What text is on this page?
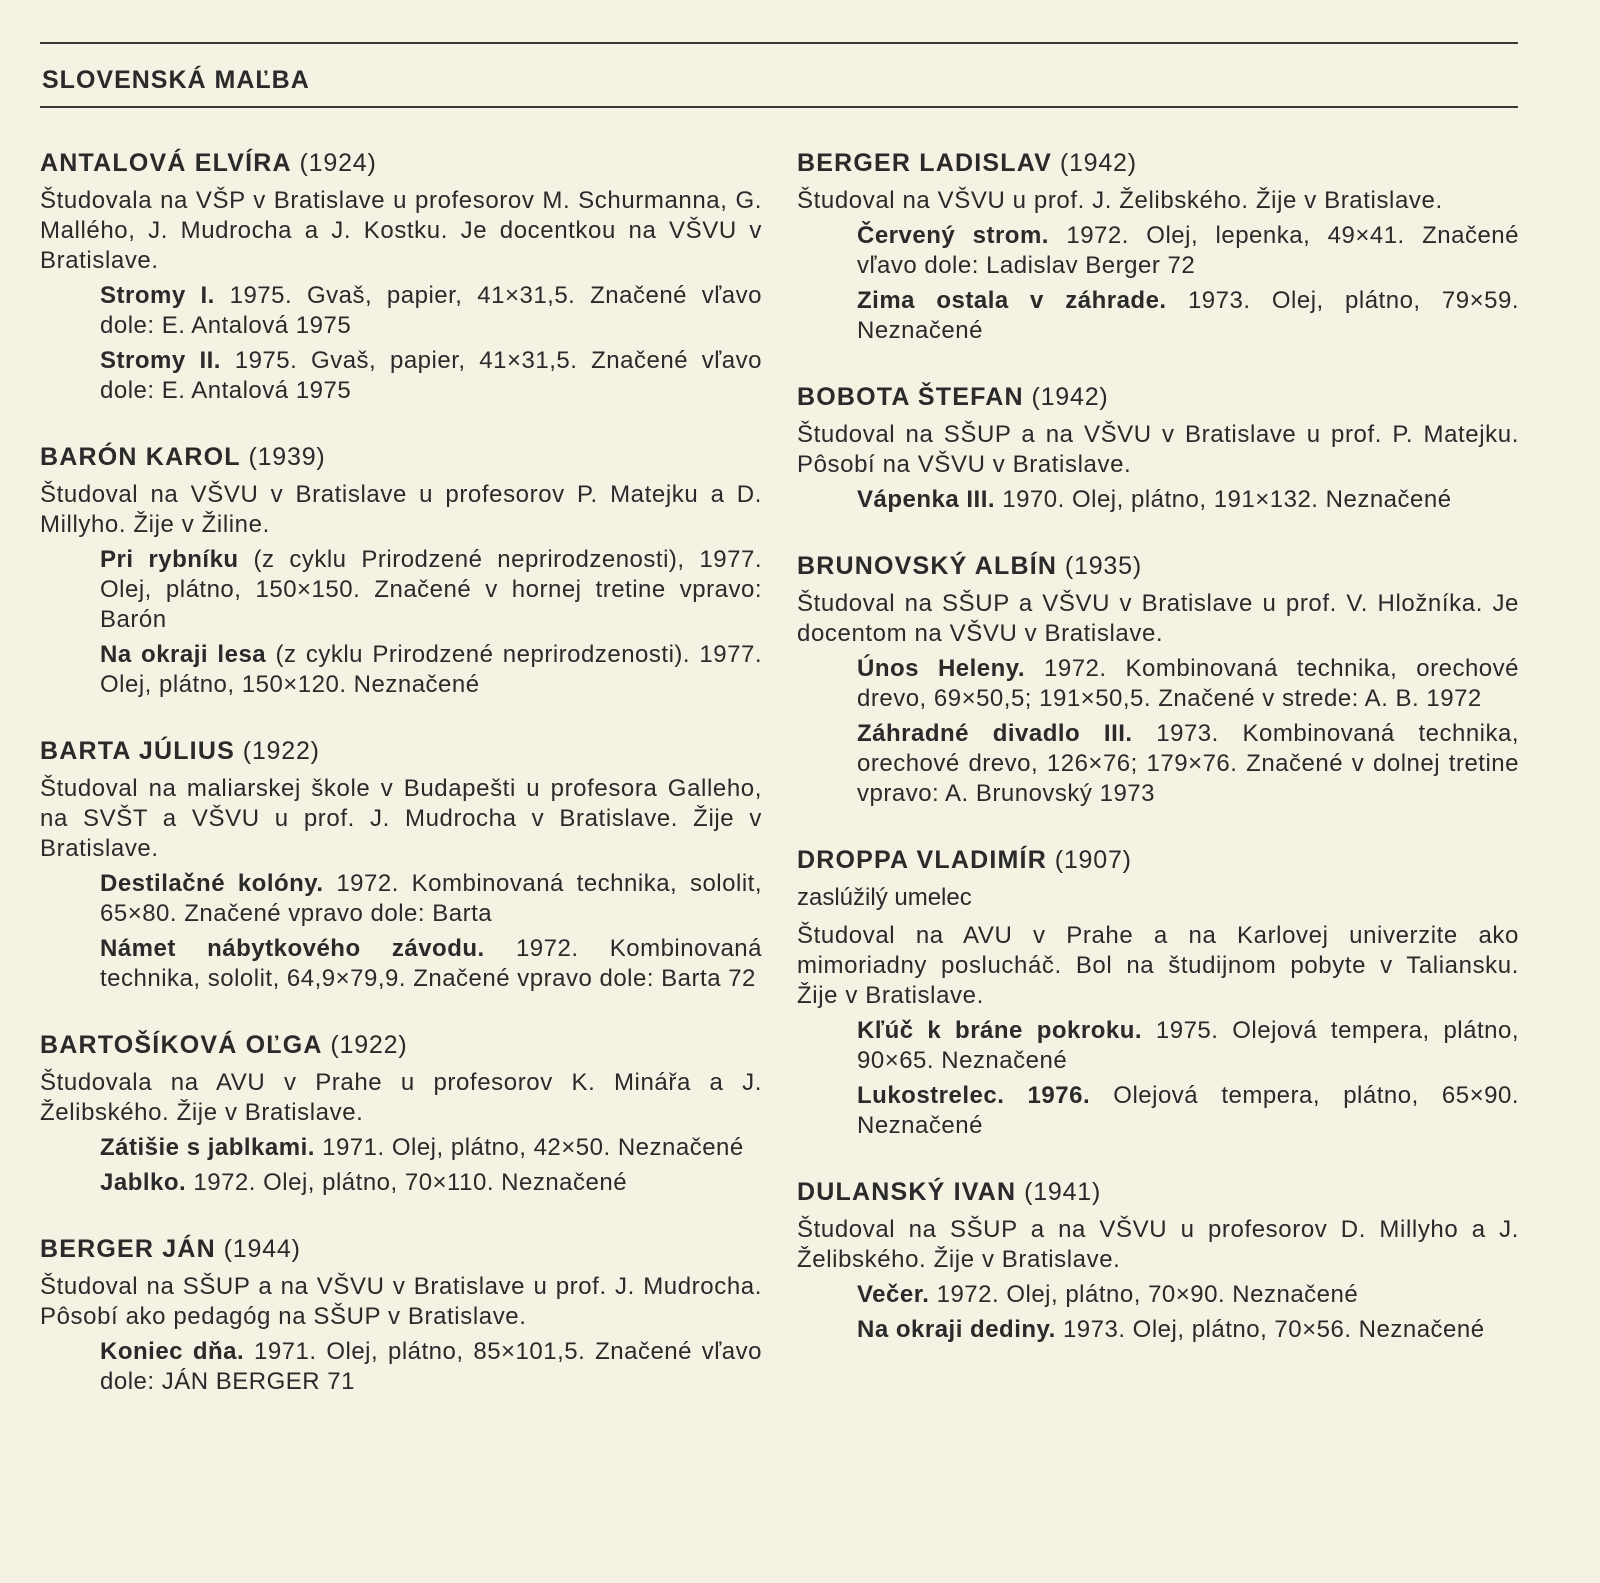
SLOVENSKÁ MAĽBA
ANTALOVÁ ELVÍRA (1924)
Študovala na VŠP v Bratislave u profesorov M. Schurmanna, G. Mallého, J. Mudrocha a J. Kostku. Je docentkou na VŠVU v Bratislave.
Stromy I. 1975. Gvaš, papier, 41×31,5. Značené vľavo dole: E. Antalová 1975
Stromy II. 1975. Gvaš, papier, 41×31,5. Značené vľavo dole: E. Antalová 1975
BARÓN KAROL (1939)
Študoval na VŠVU v Bratislave u profesorov P. Matejku a D. Millyho. Žije v Žiline.
Pri rybníku (z cyklu Prirodzené neprirodzenosti), 1977. Olej, plátno, 150×150. Značené v hornej tretine vpravo: Barón
Na okraji lesa (z cyklu Prirodzené neprirodzenosti). 1977. Olej, plátno, 150×120. Neznačené
BARTA JÚLIUS (1922)
Študoval na maliarskej škole v Budapešti u profesora Galleho, na SVŠT a VŠVU u prof. J. Mudrocha v Bratislave. Žije v Bratislave.
Destilačné kolóny. 1972. Kombinovaná technika, sololit, 65×80. Značené vpravo dole: Barta
Námet nábytkového závodu. 1972. Kombinovaná technika, sololit, 64,9×79,9. Značené vpravo dole: Barta 72
BARTOŠÍKOVÁ OĽGA (1922)
Študovala na AVU v Prahe u profesorov K. Minářa a J. Želibského. Žije v Bratislave.
Zátišie s jablkami. 1971. Olej, plátno, 42×50. Neznačené
Jablko. 1972. Olej, plátno, 70×110. Neznačené
BERGER JÁN (1944)
Študoval na SŠUP a na VŠVU v Bratislave u prof. J. Mudrocha. Pôsobí ako pedagóg na SŠUP v Bratislave.
Koniec dňa. 1971. Olej, plátno, 85×101,5. Značené vľavo dole: JÁN BERGER 71
BERGER LADISLAV (1942)
Študoval na VŠVU u prof. J. Želibského. Žije v Bratislave.
Červený strom. 1972. Olej, lepenka, 49×41. Značené vľavo dole: Ladislav Berger 72
Zima ostala v záhrade. 1973. Olej, plátno, 79×59. Neznačené
BOBOTA ŠTEFAN (1942)
Študoval na SŠUP a na VŠVU v Bratislave u prof. P. Matejku. Pôsobí na VŠVU v Bratislave.
Vápenka III. 1970. Olej, plátno, 191×132. Neznačené
BRUNOVSKÝ ALBÍN (1935)
Študoval na SŠUP a VŠVU v Bratislave u prof. V. Hložníka. Je docentom na VŠVU v Bratislave.
Únos Heleny. 1972. Kombinovaná technika, orechové drevo, 69×50,5; 191×50,5. Značené v strede: A. B. 1972
Záhradné divadlo III. 1973. Kombinovaná technika, orechové drevo, 126×76; 179×76. Značené v dolnej tretine vpravo: A. Brunovský 1973
DROPPA VLADIMÍR (1907)
zaslúžilý umelec
Študoval na AVU v Prahe a na Karlovej univerzite ako mimoriadny poslucháč. Bol na študijnom pobyte v Taliansku. Žije v Bratislave.
Kľúč k bráne pokroku. 1975. Olejová tempera, plátno, 90×65. Neznačené
Lukostrelec. 1976. Olejová tempera, plátno, 65×90. Neznačené
DULANSKÝ IVAN (1941)
Študoval na SŠUP a na VŠVU u profesorov D. Millyho a J. Želibského. Žije v Bratislave.
Večer. 1972. Olej, plátno, 70×90. Neznačené
Na okraji dediny. 1973. Olej, plátno, 70×56. Neznačené
